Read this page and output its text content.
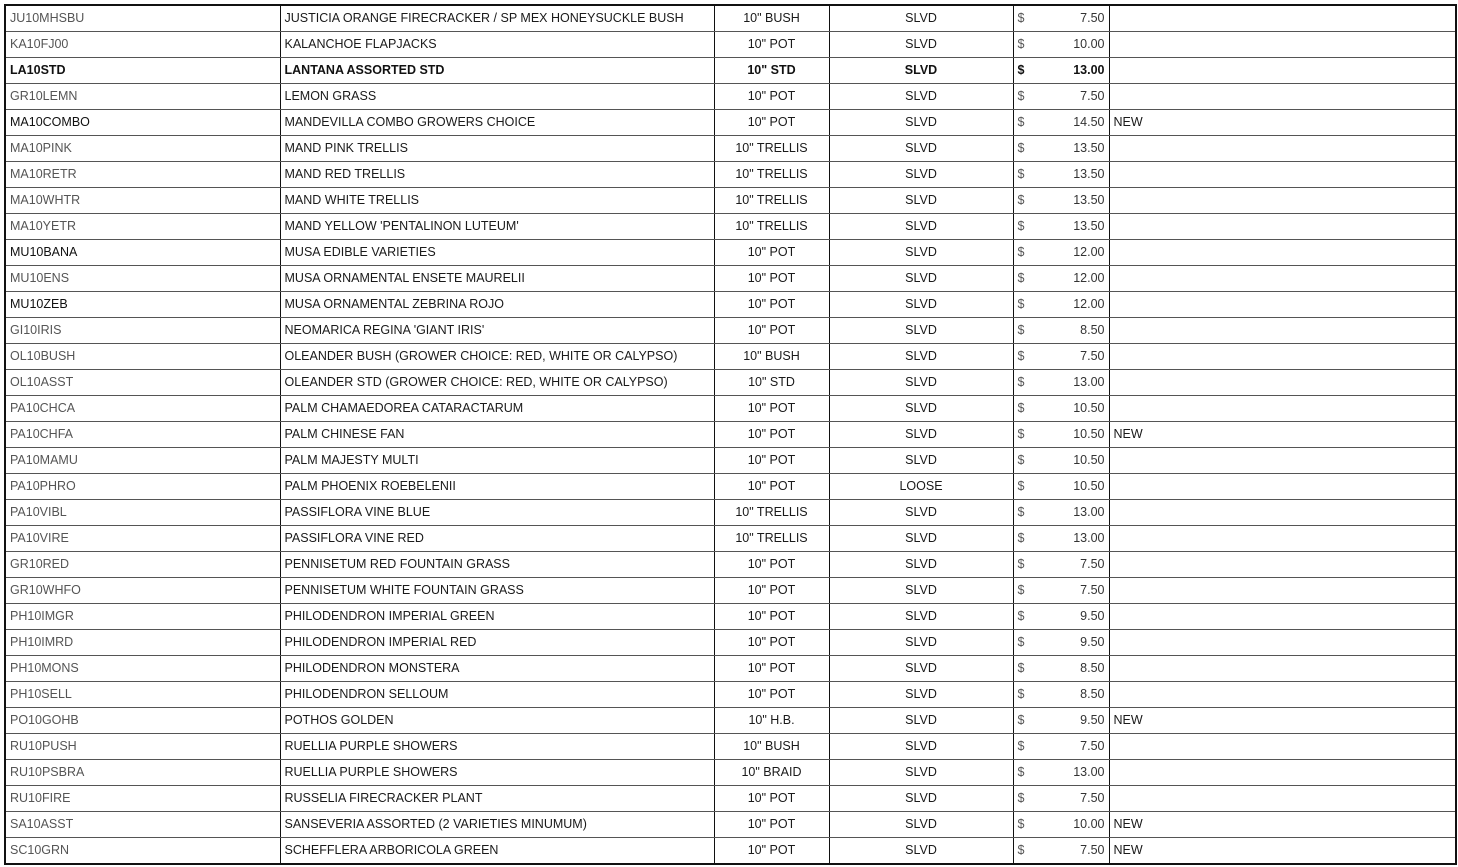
JU10MHSBU	JUSTICIA ORANGE FIRECRACKER / SP MEX HONEYSUCKLE BUSH	10" BUSH	SLVD	$	7.50	
KA10FJ00	KALANCHOE FLAPJACKS	10" POT	SLVD	$	10.00	
LA10STD	LANTANA ASSORTED STD	10" STD	SLVD	$	13.00	
GR10LEMN	LEMON GRASS	10" POT	SLVD	$	7.50	
MA10COMBO	MANDEVILLA COMBO GROWERS CHOICE	10" POT	SLVD	$	14.50	NEW
MA10PINK	MAND PINK TRELLIS	10" TRELLIS	SLVD	$	13.50	
MA10RETR	MAND RED TRELLIS	10" TRELLIS	SLVD	$	13.50	
MA10WHTR	MAND WHITE TRELLIS	10" TRELLIS	SLVD	$	13.50	
MA10YETR	MAND YELLOW 'PENTALINON LUTEUM'	10" TRELLIS	SLVD	$	13.50	
MU10BANA	MUSA EDIBLE VARIETIES	10" POT	SLVD	$	12.00	
MU10ENS	MUSA ORNAMENTAL ENSETE MAURELII	10" POT	SLVD	$	12.00	
MU10ZEB	MUSA ORNAMENTAL ZEBRINA ROJO	10" POT	SLVD	$	12.00	
GI10IRIS	NEOMARICA REGINA 'GIANT IRIS'	10" POT	SLVD	$	8.50	
OL10BUSH	OLEANDER BUSH (GROWER CHOICE: RED, WHITE OR CALYPSO)	10" BUSH	SLVD	$	7.50	
OL10ASST	OLEANDER STD (GROWER CHOICE: RED, WHITE OR CALYPSO)	10" STD	SLVD	$	13.00	
PA10CHCA	PALM CHAMAEDOREA CATARACTARUM	10" POT	SLVD	$	10.50	
PA10CHFA	PALM CHINESE FAN	10" POT	SLVD	$	10.50	NEW
PA10MAMU	PALM MAJESTY MULTI	10" POT	SLVD	$	10.50	
PA10PHRO	PALM PHOENIX ROEBELENII	10" POT	LOOSE	$	10.50	
PA10VIBL	PASSIFLORA VINE BLUE	10" TRELLIS	SLVD	$	13.00	
PA10VIRE	PASSIFLORA VINE RED	10" TRELLIS	SLVD	$	13.00	
GR10RED	PENNISETUM RED FOUNTAIN GRASS	10" POT	SLVD	$	7.50	
GR10WHFO	PENNISETUM WHITE FOUNTAIN GRASS	10" POT	SLVD	$	7.50	
PH10IMGR	PHILODENDRON IMPERIAL GREEN	10" POT	SLVD	$	9.50	
PH10IMRD	PHILODENDRON IMPERIAL RED	10" POT	SLVD	$	9.50	
PH10MONS	PHILODENDRON MONSTERA	10" POT	SLVD	$	8.50	
PH10SELL	PHILODENDRON SELLOUM	10" POT	SLVD	$	8.50	
PO10GOHB	POTHOS GOLDEN	10" H.B.	SLVD	$	9.50	NEW
RU10PUSH	RUELLIA PURPLE SHOWERS	10" BUSH	SLVD	$	7.50	
RU10PSBRA	RUELLIA PURPLE SHOWERS	10" BRAID	SLVD	$	13.00	
RU10FIRE	RUSSELIA FIRECRACKER PLANT	10" POT	SLVD	$	7.50	
SA10ASST	SANSEVERIA ASSORTED (2 VARIETIES MINUMUM)	10" POT	SLVD	$	10.00	NEW
SC10GRN	SCHEFFLERA ARBORICOLA GREEN	10" POT	SLVD	$	7.50	NEW
